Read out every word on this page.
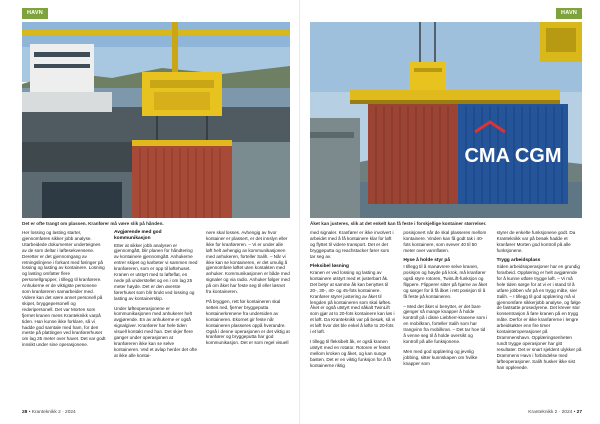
HAVN
Det er ofte trangt om plassen. Kranfører må være slik på hånden.

Her lossing og lasting starter, gjennomføres sikker jobb analyse. Utarbeidede dokumenter underteignes av de som deltar i løftesekvensene. Deretter er det gjennomgang av retningslinjene i forkant med føringer på lossing og lasting av kontainere. Losning og lasting omfatter flere personellgrupper, i tillegg til kranførere. Anhukerne er de viktigste personene som kranføreren samarbeider med. Videre kan det være annet personell på skipet, bryggepersonell og rederipersonell. Det var Morten som fjernet kranen mens Kranteknikk varpå tiden. Han kunne ikke forklare, så vi hadde god samtale med ham, for den meste på plattingen ved kranførerhuset om lag 25 meter over havet. Det var godt innsikt under sine operasjonene.

Avgjørende med god kommunikasjon

Etter at sikker jobb analysen er gjennomgått, blir planen for håndtering av kontainere gjennomgått. Anhukerne entrer skipet og karbeter vi sammen med kranføreren, som er opp til løftehuset. Kranen er utstyrt med to løfteflat, en nede på understellet og en i om lag 25 meter høyde. Det er den øverste førerhuset som blir brukt ved lossing og lasting av kontainerskip.

Under løfteoperasjonene er kommunikasjonen med anhukerer helt avgjørende. En av anhukerne er også signalgiver. Kranfører har hele tiden visuell kontakt med han. Det skjer flere ganger under operasjonen at kranføreren ikke kan se selve kontaineren. Ved et avlap herder det ofte at ikke alle kontai-

nere skal losses. Avhengig av hvor kontainer er plassert, er det innslyn eller ikke for kranføreren. – Vi er under alle løft helt avhengig av kommunikasjonen med anhukeren, forteller Salih. – Når vi ikke kan se kontaineren, er det umulig å gjennomføre løftet uten kontakten med anhuker. Kommunikasjonen er både med signaler og via radio. Anhuker følger med på om åket har feste seg til eller løsnet fra kontaineren.

På bryggen, rett før kontaineren skal settes ned, fjerner bryggeputta kontainerkrenene fra undersiden av kontaineren. Ekornet gir feste når kontaineren plasseres oppå hverandre. Også i denne operasjonen er det viktig at kranfører og bryggeputta har god kommunikasjon. Det er som regel visuell

28 • Kranteknikk 2 · 2024
HAVN
CMA CGM
Åket kan justeres, slik at det enkelt kan få feste i forskjellige kontainer størrelser.

med signaler. Kranfører er ikke involvert i arbeidet med å få kontainere klar for løft og flyttet til videre transport. Det er det bryggeputta og reachstacker fører som tar seg av.

Fleksibel løsning

Kranen er ved lossing og lasting av kontainere utstyrt med et justerbart åk. Det betyr at samme åk kan benyttes til 20-, 30-, 40- og 45-fots kontainere. Kranfører styrer justering av åket til lengden på kontaineren som skal løftes. Åket er også utstyrt med såkalt TwinLift som gjør at to 20-fots kontainere kan løs i et løft. Da Kranteknikk var på besøk, så vi et løft hvor det ble enkel å løfte to 20-fots i et løft.

I tillegg til fleksibelt åk, er også kranen utstyrt med en rotator. Rotoren er festet mellom kroken og åket, og kan sunge basten. Det er en viktig funksjon for å få kontainerne riktig

posisjonert når de skal plasseres mellom kontainere. Vinden kan få godt tak i 40-fots kontainere, som svever 40 til 50 meter over vannflaten.

Hyse å holde styr på

I tillegg til å manøvrere selve kranen, posisjon og høyde på krok, må kranfører også styre rotoren, TwinLift-funksjon og flippere. Flipperer sitter på hjørne av åket og sørger for å få åket i rett posisjon til å få feste på kontaineren.

– Med det åket vi benytter, er det bare gjenger så mange knapper å holde kontroll på i disse Liebherr-kranene som i en mobilkran, forteller Salih som har trangvinn fra mobilkran. – Det tar hoe tid å venne seg til å holde oversikt og kontroll på alle funksjonene.

Men med god opplæring og jevnlig jobbing, sitter kunnskapen om hvilke knapper som

styrer de enkelte funksjonene godt. Da Kranteknikk var på besøk hadde et kranfører Morten god kontroll på alle funksjonene.

Trygg arbeidsplass

Siden arbeidsoperasjoner har en grundig forarbeid. Opplæring er helt avgjørende for å kunne utføre trygge løft. – Vi må hele tiden sørge for at vi er i stand til å utføre jobben vår på en trygg måte, sier Salih. – I tillegg til god opplæring må vi gjennomføre sikkerjobb analyse, og følge de fastsatte prosedyrene. Det krever stor konsentrasjon å føre kranen på en trygg måte. Derfor er ikke kranførerne i lengre arbeidsøkter enn fire timer kontainteroperasjoner på Drammenshavn. Opplæringsenheten rundt trygge operasjoner har gitt resultater. Det er snart sjeldent ulykker på Drammens Havn i forbindelse med løfteoperasjoner. Salih husker ikke sist han opplevede.

Kranteknikk 2 · 2024 • 27
